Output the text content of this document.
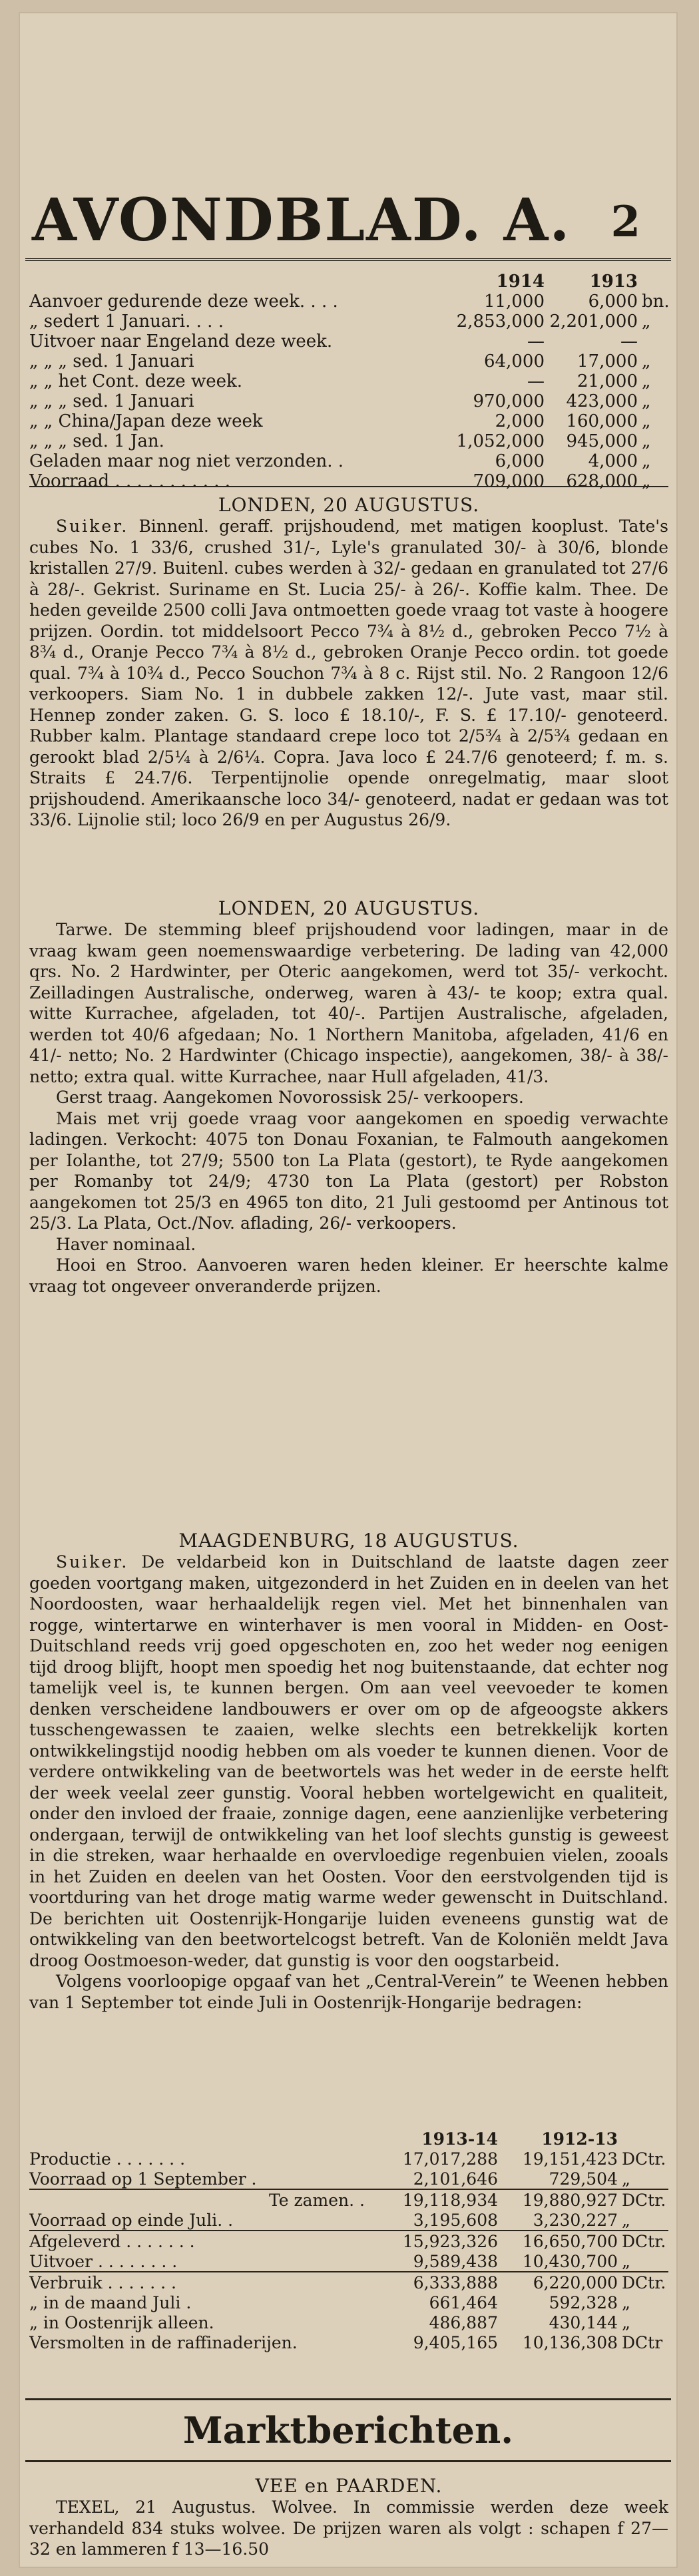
AVONDBLAD. A. 2
1914	1913
Aanvoer gedurende deze week. . . .	11,000	6,000 bn.
„ sedert 1 Januari. . . .	2,853,000 2,201,000 „
Uitvoer naar Engeland deze week.	—	—
„ „ „ sed. 1 Januari	64,000	17,000 „
„ „ het Cont. deze week.	—	21,000 „
„ „ „ sed. 1 Januari	970,000	423,000 „
„ „ China/Japan deze week	2,000	160,000 „
„ „ „ sed. 1 Jan.	1,052,000	945,000 „
Geladen maar nog niet verzonden. .	6,000	4,000 „
Voorraad . . . . . . . . . . .	709,000	628,000 „
LONDEN, 20 AUGUSTUS.

Suiker. Binnenl. geraff. prijshoudend, met matigen kooplust. Tate's cubes No. 1 33/6, crushed 31/-, Lyle's granulated 30/- à 30/6, blonde kristallen 27/9. Buitenl. cubes werden à 32/- gedaan en granulated tot 27/6 à 28/-. Gekrist. Suriname en St. Lucia 25/- à 26/-. Koffie kalm. Thee. De heden geveilde 2500 colli Java ontmoetten goede vraag tot vaste à hoogere prijzen. Oordin. tot middelsoort Pecco 7¾ à 8½ d., gebroken Pecco 7½ à 8¾ d., Oranje Pecco 7¾ à 8½ d., gebroken Oranje Pecco ordin. tot goede qual. 7¾ à 10¾ d., Pecco Souchon 7¾ à 8 c. Rijst stil. No. 2 Rangoon 12/6 verkoopers. Siam No. 1 in dubbele zakken 12/-. Jute vast, maar stil. Hennep zonder zaken. G. S. loco £ 18.10/-, F. S. £ 17.10/- genoteerd. Rubber kalm. Plantage standaard crepe loco tot 2/5¾ à 2/5¾ gedaan en gerookt blad 2/5¼ à 2/6¼. Copra. Java loco £ 24.7/6 genoteerd; f. m. s. Straits £ 24.7/6. Terpentijnolie opende onregelmatig, maar sloot prijshoudend. Amerikaansche loco 34/- genoteerd, nadat er gedaan was tot 33/6. Lijnolie stil; loco 26/9 en per Augustus 26/9.

LONDEN, 20 AUGUSTUS.

Tarwe. De stemming bleef prijshoudend voor ladingen, maar in de vraag kwam geen noemenswaardige verbetering. De lading van 42,000 qrs. No. 2 Hardwinter, per Oteric aangekomen, werd tot 35/- verkocht. Zeilladingen Australische, onderweg, waren à 43/- te koop; extra qual. witte Kurrachee, afgeladen, tot 40/-. Partijen Australische, afgeladen, werden tot 40/6 afgedaan; No. 1 Northern Manitoba, afgeladen, 41/6 en 41/- netto; No. 2 Hardwinter (Chicago inspectie), aangekomen, 38/- à 38/- netto; extra qual. witte Kurrachee, naar Hull afgeladen, 41/3.

Gerst traag. Aangekomen Novorossisk 25/- verkoopers.

Mais met vrij goede vraag voor aangekomen en spoedig verwachte ladingen. Verkocht: 4075 ton Donau Foxanian, te Falmouth aangekomen per Iolanthe, tot 27/9; 5500 ton La Plata (gestort), te Ryde aangekomen per Romanby tot 24/9; 4730 ton La Plata (gestort) per Robston aangekomen tot 25/3 en 4965 ton dito, 21 Juli gestoomd per Antinous tot 25/3. La Plata, Oct./Nov. aflading, 26/- verkoopers.

Haver nominaal.

Hooi en Stroo. Aanvoeren waren heden kleiner. Er heerschte kalme vraag tot ongeveer onveranderde prijzen.

MAAGDENBURG, 18 AUGUSTUS.

Suiker. De veldarbeid kon in Duitschland de laatste dagen zeer goeden voortgang maken, uitgezonderd in het Zuiden en in deelen van het Noordoosten, waar herhaaldelijk regen viel. Met het binnenhalen van rogge, wintertarwe en winterhaver is men vooral in Midden- en Oost-Duitschland reeds vrij goed opgeschoten en, zoo het weder nog eenigen tijd droog blijft, hoopt men spoedig het nog buitenstaande, dat echter nog tamelijk veel is, te kunnen bergen. Om aan veel veevoeder te komen denken verscheidene landbouwers er over om op de afgeoogste akkers tusschengewassen te zaaien, welke slechts een betrekkelijk korten ontwikkelingstijd noodig hebben om als voeder te kunnen dienen. Voor de verdere ontwikkeling van de beetwortels was het weder in de eerste helft der week veelal zeer gunstig. Vooral hebben wortelgewicht en qualiteit, onder den invloed der fraaie, zonnige dagen, eene aanzienlijke verbetering ondergaan, terwijl de ontwikkeling van het loof slechts gunstig is geweest in die streken, waar herhaalde en overvloedige regenbuien vielen, zooals in het Zuiden en deelen van het Oosten. Voor den eerstvolgenden tijd is voortduring van het droge matig warme weder gewenscht in Duitschland. De berichten uit Oostenrijk-Hongarije luiden eveneens gunstig wat de ontwikkeling van den beetwortelcogst betreft. Van de Koloniën meldt Java droog Oostmoeson-weder, dat gunstig is voor den oogstarbeid.

Volgens voorloopige opgaaf van het „Central-Verein” te Weenen hebben van 1 September tot einde Juli in Oostenrijk-Hongarije bedragen:

1913-14	1912-13
Productie . . . . . . .	17,017,288	19,151,423 DCtr.
Voorraad op 1 September .	2,101,646	729,504 „
Te zamen. .	19,118,934	19,880,927 DCtr.
Voorraad op einde Juli. .	3,195,608	3,230,227 „
Afgeleverd . . . . . . .	15,923,326	16,650,700 DCtr.
Uitvoer . . . . . . . .	9,589,438	10,430,700 „
Verbruik . . . . . . .	6,333,888	6,220,000 DCtr.
„ in de maand Juli .	661,464	592,328 „
„ in Oostenrijk alleen.	486,887	430,144 „
Versmolten in de raffinaderijen.	9,405,165	10,136,308 DCtr
Marktberichten.
VEE en PAARDEN.

TEXEL, 21 Augustus. Wolvee. In commissie werden deze week verhandeld 834 stuks wolvee. De prijzen waren als volgt : schapen f 27—32 en lammeren f 13—16.50
